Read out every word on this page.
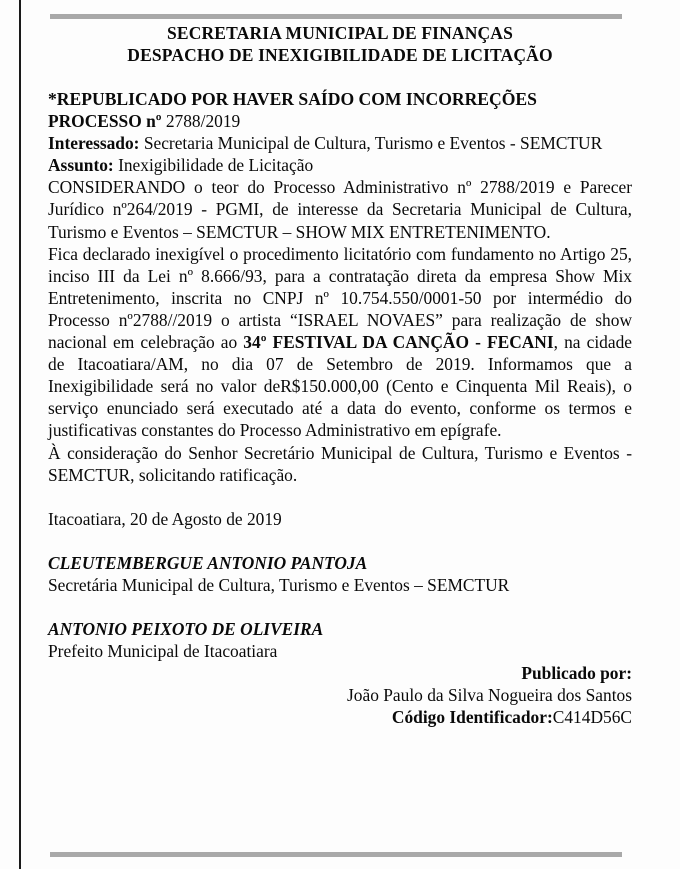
SECRETARIA MUNICIPAL DE FINANÇAS
DESPACHO DE INEXIGIBILIDADE DE LICITAÇÃO
*REPUBLICADO POR HAVER SAÍDO COM INCORREÇÕES
PROCESSO nº 2788/2019
Interessado: Secretaria Municipal de Cultura, Turismo e Eventos - SEMCTUR
Assunto: Inexigibilidade de Licitação
CONSIDERANDO o teor do Processo Administrativo nº 2788/2019 e Parecer Jurídico nº264/2019 - PGMI, de interesse da Secretaria Municipal de Cultura, Turismo e Eventos – SEMCTUR – SHOW MIX ENTRETENIMENTO.
Fica declarado inexigível o procedimento licitatório com fundamento no Artigo 25, inciso III da Lei nº 8.666/93, para a contratação direta da empresa Show Mix Entretenimento, inscrita no CNPJ nº 10.754.550/0001-50 por intermédio do Processo nº2788//2019 o artista “ISRAEL NOVAES” para realização de show nacional em celebração ao 34º FESTIVAL DA CANÇÃO - FECANI, na cidade de Itacoatiara/AM, no dia 07 de Setembro de 2019. Informamos que a Inexigibilidade será no valor deR$150.000,00 (Cento e Cinquenta Mil Reais), o serviço enunciado será executado até a data do evento, conforme os termos e justificativas constantes do Processo Administrativo em epígrafe.
À consideração do Senhor Secretário Municipal de Cultura, Turismo e Eventos - SEMCTUR, solicitando ratificação.
Itacoatiara, 20 de Agosto de 2019
CLEUTEMBERGUE ANTONIO PANTOJA
Secretária Municipal de Cultura, Turismo e Eventos – SEMCTUR
ANTONIO PEIXOTO DE OLIVEIRA
Prefeito Municipal de Itacoatiara
Publicado por:
João Paulo da Silva Nogueira dos Santos
Código Identificador:C414D56C
